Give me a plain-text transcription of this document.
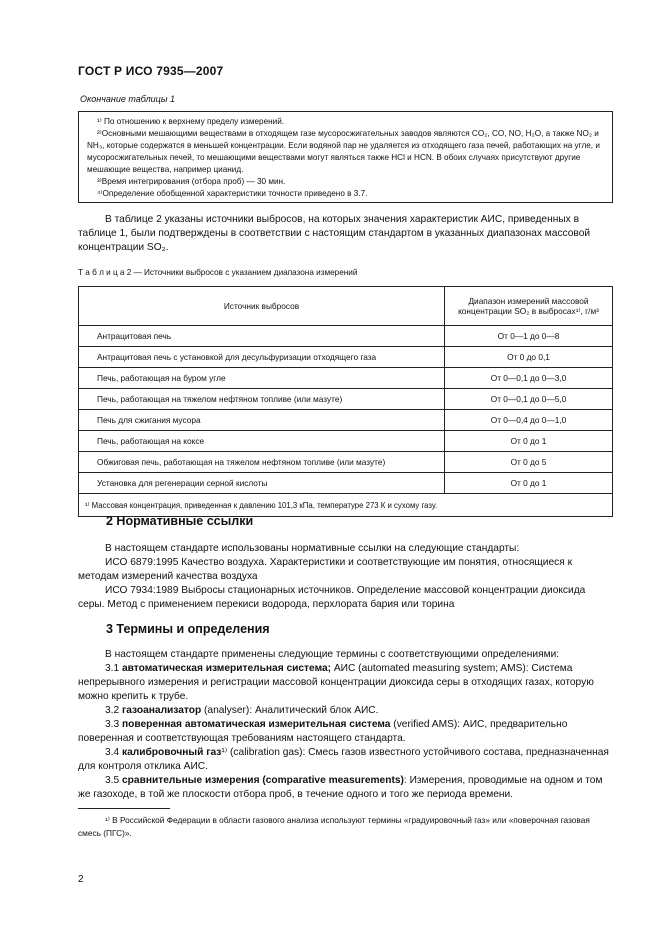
ГОСТ Р ИСО 7935—2007
Окончание таблицы 1

¹⁾ По отношению к верхнему пределу измерений.

²⁾Основными мешающими веществами в отходящем газе мусоросжигательных заводов являются CO₂, CO, NO, H₂O, а также NO₂ и NH₃, которые содержатся в меньшей концентрации. Если водяной пар не удаляется из отходящего газа печей, работающих на угле, и мусоросжигательных печей, то мешающими веществами могут являться также HCl и HCN. В обоих случаях присутствуют другие мешающие вещества, например цианид.

³⁾Время интегрирования (отбора проб) — 30 мин.

⁴⁾Определение обобщенной характеристики точности приведено в 3.7.

В таблице 2 указаны источники выбросов, на которых значения характеристик АИС, приведенных в таблице 1, были подтверждены в соответствии с настоящим стандартом в указанных диапазонах массовой концентрации SO₂.
Т а б л и ц а 2 — Источники выбросов с указанием диапазона измерений
Источник выбросов	Диапазон измерений массовой концентрации SO₂ в выбросах¹⁾, г/м³
Антрацитовая печь	От 0—1 до 0—8
Антрацитовая печь с установкой для десульфуризации отходящего газа	От 0 до 0,1
Печь, работающая на буром угле	От 0—0,1 до 0—3,0
Печь, работающая на тяжелом нефтяном топливе (или мазуте)	От 0—0,1 до 0—5,0
Печь для сжигания мусора	От 0—0,4 до 0—1,0
Печь, работающая на коксе	От 0 до 1
Обжиговая печь, работающая на тяжелом нефтяном топливе (или мазуте)	От 0 до 5
Установка для регенерации серной кислоты	От 0 до 1
¹⁾ Массовая концентрация, приведенная к давлению 101,3 кПа, температуре 273 К и сухому газу.	
2 Нормативные ссылки
В настоящем стандарте использованы нормативные ссылки на следующие стандарты:
ИСО 6879:1995 Качество воздуха. Характеристики и соответствующие им понятия, относящиеся к методам измерений качества воздуха
ИСО 7934:1989 Выбросы стационарных источников. Определение массовой концентрации диоксида серы. Метод с применением перекиси водорода, перхлората бария или торина
3 Термины и определения
В настоящем стандарте применены следующие термины с соответствующими определениями:
3.1 автоматическая измерительная система; АИС (automated measuring system; AMS): Система непрерывного измерения и регистрации массовой концентрации диоксида серы в отходящих газах, которую можно крепить к трубе.
3.2 газоанализатор (analyser): Аналитический блок АИС.
3.3 поверенная автоматическая измерительная система (verified AMS): АИС, предварительно поверенная и соответствующая требованиям настоящего стандарта.
3.4 калибровочный газ¹⁾ (calibration gas): Смесь газов известного устойчивого состава, предназначенная для контроля отклика АИС.
3.5 сравнительные измерения (comparative measurements): Измерения, проводимые на одном и том же газоходе, в той же плоскости отбора проб, в течение одного и того же периода времени.
¹⁾ В Российской Федерации в области газового анализа используют термины «градуировочный газ» или «поверочная газовая смесь (ПГС)».
2
